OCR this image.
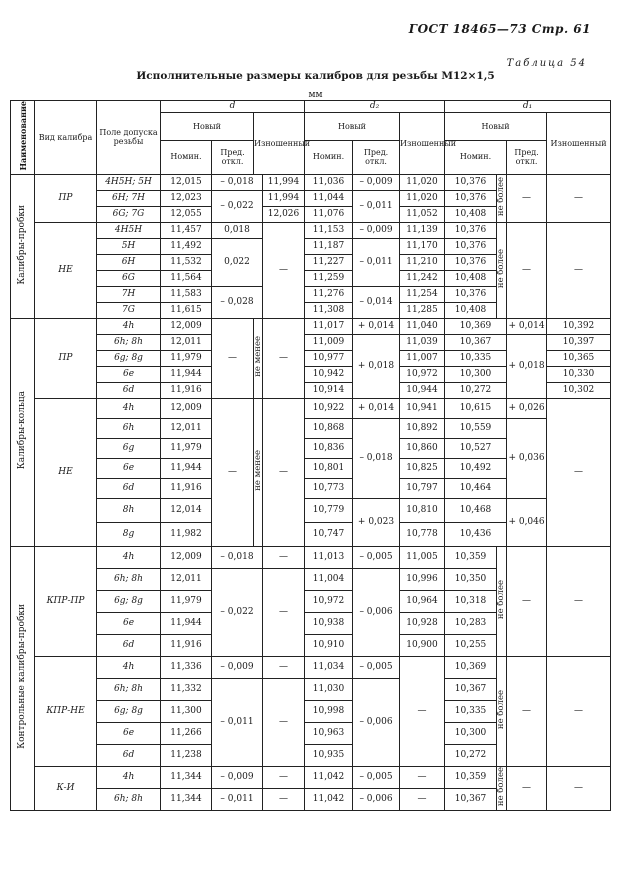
ГОСТ 18465—73 Стр. 61
Таблица 54
Исполнительные размеры калибров для резьбы М12×1,5
мм
Наименование	Вид калибра	Поле допуска резьбы	d				d₂			d₁			
			Новый		Изношенный		Новый		Изношенный	Новый			Изношенный
			Номин.	Пред. откл.			Номин.	Пред. откл.		Номин.		Пред. откл.	
Калибры-пробки	ПР	4H5H; 5H	12,015	– 0,018		11,994	11,036	– 0,009	11,020	10,376	не более	—	—
		6H; 7H	12,023	– 0,022		11,994	11,044	– 0,011	11,020	10,376			
		6G; 7G	12,055			12,026	11,076		11,052	10,408			
	НЕ	4H5H	11,457	0,018		—	11,153	– 0,009	11,139	10,376	не более	—	—
		5H	11,492	0,022			11,187	– 0,011	11,170	10,376			
		6H	11,532				11,227		11,210	10,376			
		6G	11,564				11,259		11,242	10,408			
		7H	11,583	– 0,028			11,276	– 0,014	11,254	10,376			
		7G	11,615				11,308		11,285	10,408			
Калибры-кольца	ПР	4h	12,009	—	не менее	—	11,017	+ 0,014	11,040	10,369		+ 0,014	10,392
		6h; 8h	12,011				11,009	+ 0,018	11,039	10,367		+ 0,018	10,397
		6g; 8g	11,979				10,977		11,007	10,335			10,365
		6e	11,944				10,942		10,972	10,300			10,330
		6d	11,916				10,914		10,944	10,272			10,302
	НЕ	4h	12,009	—	не менее	—	10,922	+ 0,014	10,941	10,615		+ 0,026	—
		6h	12,011				10,868	– 0,018	10,892	10,559		+ 0,036	
		6g	11,979				10,836		10,860	10,527			
		6e	11,944				10,801		10,825	10,492			
		6d	11,916				10,773		10,797	10,464			
		8h	12,014				10,779	+ 0,023	10,810	10,468		+ 0,046	
		8g	11,982				10,747		10,778	10,436			
Контрольные калибры-пробки	КПР-ПР	4h	12,009	– 0,018		—	11,013	– 0,005	11,005	10,359	не более	—	—
		6h; 8h	12,011	– 0,022		—	11,004	– 0,006	10,996	10,350			
		6g; 8g	11,979				10,972		10,964	10,318			
		6e	11,944				10,938		10,928	10,283			
		6d	11,916				10,910		10,900	10,255			
	КПР-НЕ	4h	11,336	– 0,009		—	11,034	– 0,005	—	10,369	не более	—	—
		6h; 8h	11,332	– 0,011		—	11,030	– 0,006		10,367			
		6g; 8g	11,300				10,998			10,335			
		6e	11,266				10,963			10,300			
		6d	11,238				10,935			10,272			
	К-И	4h	11,344	– 0,009		—	11,042	– 0,005	—	10,359	не более	—	—
		6h; 8h	11,344	– 0,011		—	11,042	– 0,006	—	10,367			
